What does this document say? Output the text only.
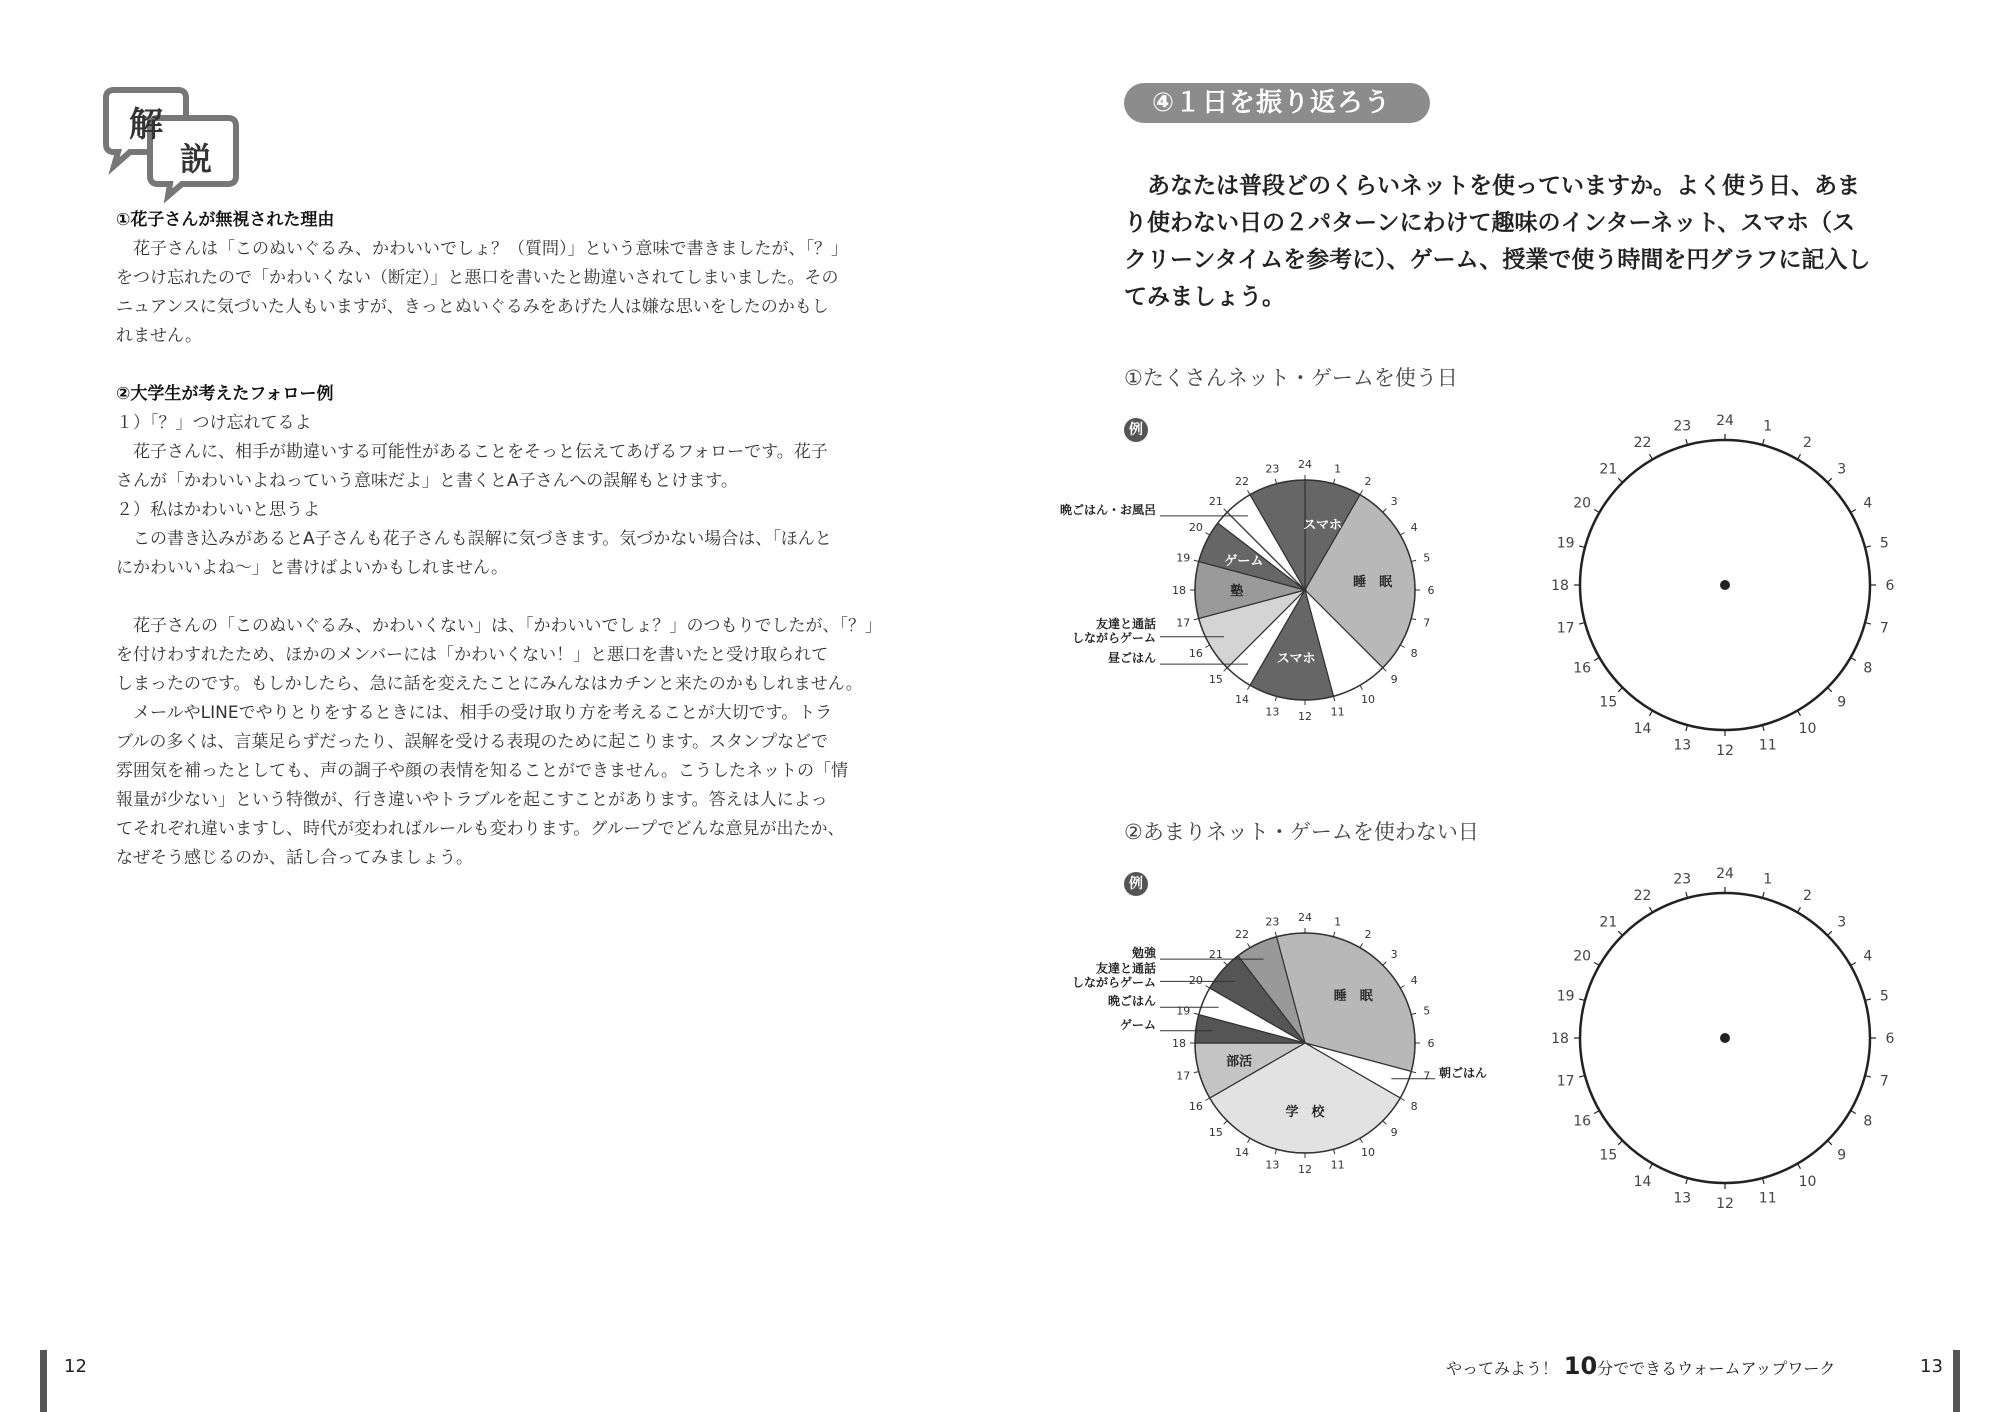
解
説
①花子さんが無視された理由
花子さんは「このぬいぐるみ、かわいいでしょ？（質問）」という意味で書きましたが、「？」
をつけ忘れたので「かわいくない（断定）」と悪口を書いたと勘違いされてしまいました。その
ニュアンスに気づいた人もいますが、きっとぬいぐるみをあげた人は嫌な思いをしたのかもし
れません。
②大学生が考えたフォロー例
１）「？」つけ忘れてるよ
花子さんに、相手が勘違いする可能性があることをそっと伝えてあげるフォローです。花子
さんが「かわいいよねっていう意味だよ」と書くとA子さんへの誤解もとけます。
２）私はかわいいと思うよ
この書き込みがあるとA子さんも花子さんも誤解に気づきます。気づかない場合は、「ほんと
にかわいいよね～」と書けばよいかもしれません。
花子さんの「このぬいぐるみ、かわいくない」は、「かわいいでしょ？」のつもりでしたが、「？」
を付けわすれたため、ほかのメンバーには「かわいくない！」と悪口を書いたと受け取られて
しまったのです。もしかしたら、急に話を変えたことにみんなはカチンと来たのかもしれません。
メールやLINEでやりとりをするときには、相手の受け取り方を考えることが大切です。トラ
ブルの多くは、言葉足らずだったり、誤解を受ける表現のために起こります。スタンプなどで
雰囲気を補ったとしても、声の調子や顔の表情を知ることができません。こうしたネットの「情
報量が少ない」という特徴が、行き違いやトラブルを起こすことがあります。答えは人によっ
てそれぞれ違いますし、時代が変わればルールも変わります。グループでどんな意見が出たか、
なぜそう感じるのか、話し合ってみましょう。
④１日を振り返ろう
あなたは普段どのくらいネットを使っていますか。よく使う日、あま
り使わない日の２パターンにわけて趣味のインターネット、スマホ（ス
クリーンタイムを参考に）、ゲーム、授業で使う時間を円グラフに記入し
てみましょう。
①たくさんネット・ゲームを使う日
例
②あまりネット・ゲームを使わない日
例
24 1
2
3
4
5
6
7
8
9
10
11
12
13
14
15
16
17
18
19
20
21
22
23
スマホ
睡　眠
スマホ
昼ごはん
友達と通話しながらゲーム
塾
ゲーム
晩ごはん・お風呂
24 1
2
3
4
5
6
7
8
9
10
11
12
13
14
15
16
17
18
19
20
21
22
23
睡　眠
朝ごはん
学　校
部活
ゲーム
晩ごはん
友達と通話しながらゲーム
勉強
24 1
2
3
4
5
6
7
8
9
10
11
12
13
14
15
16
17
18
19
20
21
22
23
24 1
2
3
4
5
6
7
8
9
10
11
12
13
14
15
16
17
18
19
20
21
22
23
12	やってみよう！ 10分でできるウォームアップワーク	13
